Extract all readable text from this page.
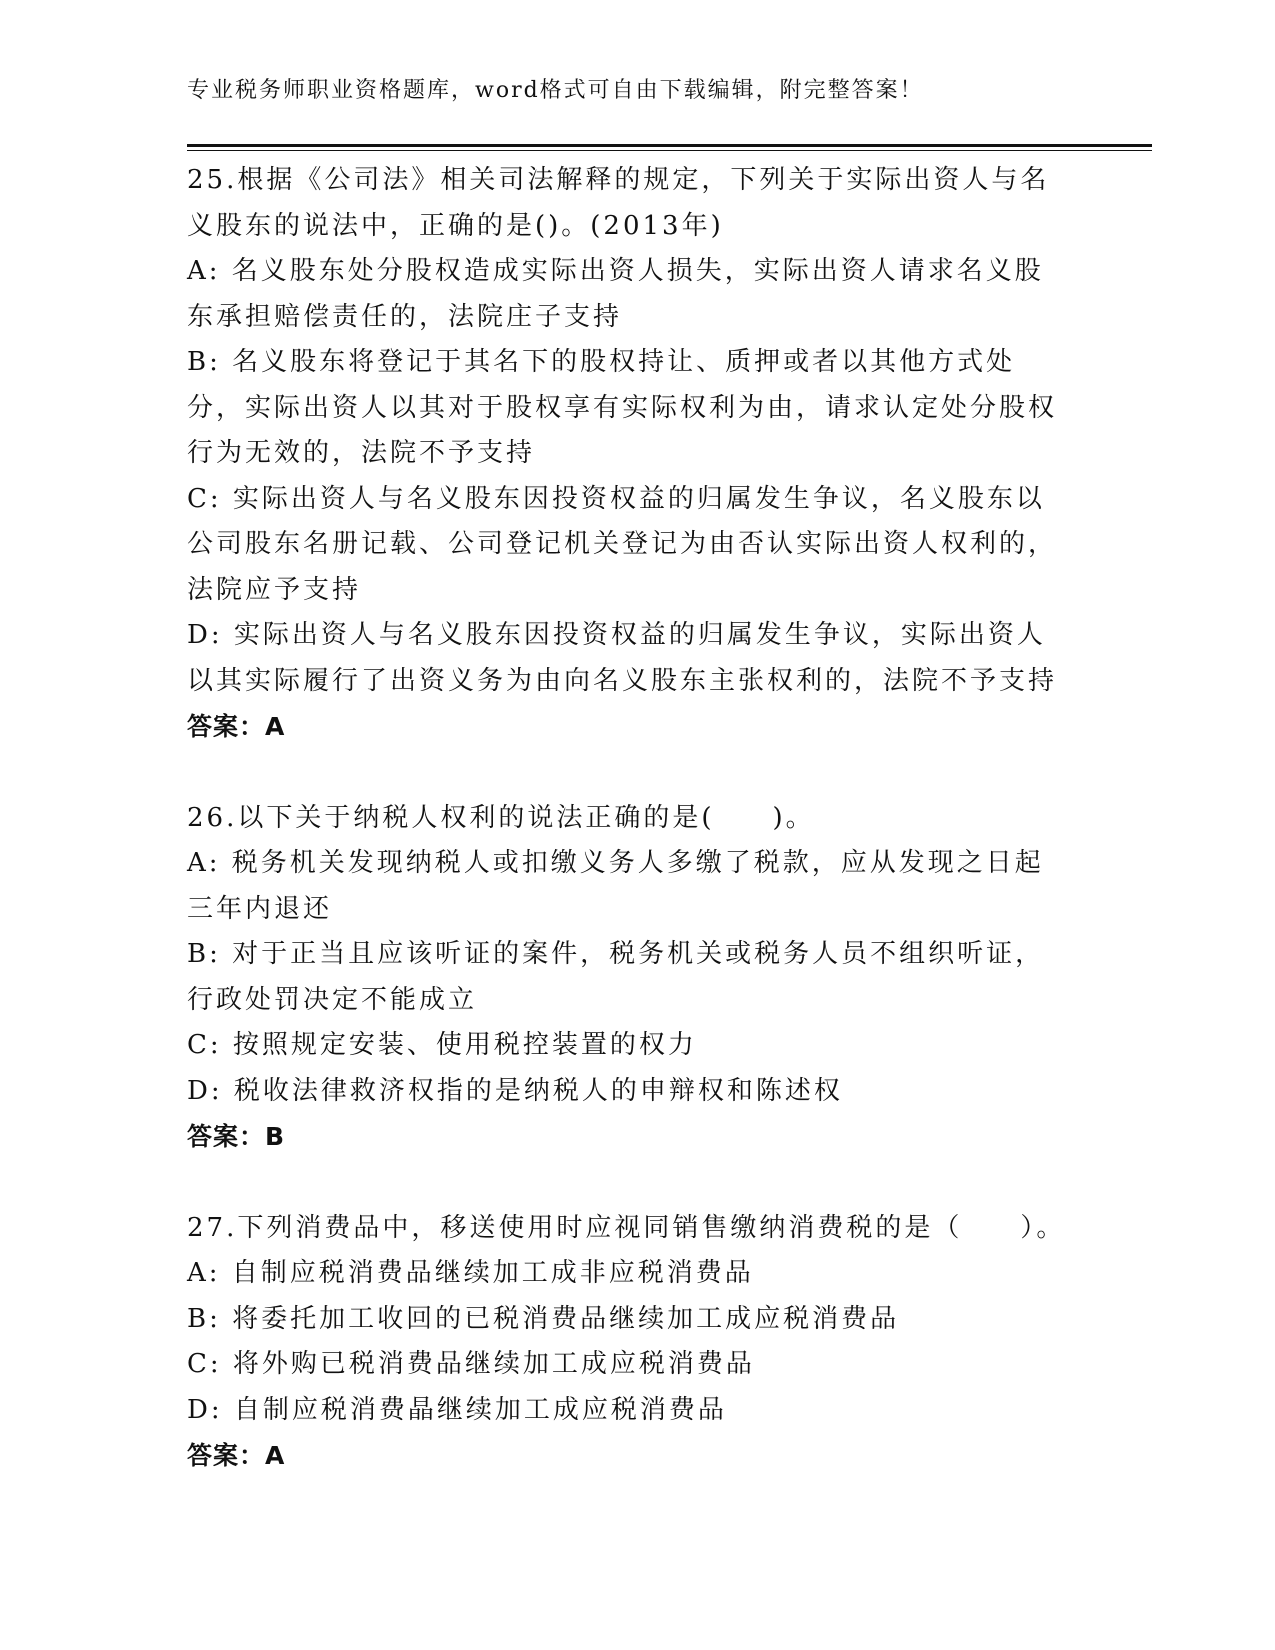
专业税务师职业资格题库，word格式可自由下载编辑，附完整答案！

25.根据《公司法》相关司法解释的规定，下列关于实际出资人与名义股东的说法中，正确的是()。(2013年)

A: 名义股东处分股权造成实际出资人损失，实际出资人请求名义股东承担赔偿责任的，法院庄子支持

B: 名义股东将登记于其名下的股权持让、质押或者以其他方式处分，实际出资人以其对于股权享有实际权利为由，请求认定处分股权行为无效的，法院不予支持

C: 实际出资人与名义股东因投资权益的归属发生争议，名义股东以公司股东名册记载、公司登记机关登记为由否认实际出资人权利的，法院应予支持

D: 实际出资人与名义股东因投资权益的归属发生争议，实际出资人以其实际履行了出资义务为由向名义股东主张权利的，法院不予支持

答案：A

26.以下关于纳税人权利的说法正确的是(　　)。

A: 税务机关发现纳税人或扣缴义务人多缴了税款，应从发现之日起三年内退还

B: 对于正当且应该听证的案件，税务机关或税务人员不组织听证，行政处罚决定不能成立

C: 按照规定安装、使用税控装置的权力

D: 税收法律救济权指的是纳税人的申辩权和陈述权

答案：B

27.下列消费品中，移送使用时应视同销售缴纳消费税的是（　　）。

A: 自制应税消费品继续加工成非应税消费品

B: 将委托加工收回的已税消费品继续加工成应税消费品

C: 将外购已税消费品继续加工成应税消费品

D: 自制应税消费晶继续加工成应税消费品

答案：A
